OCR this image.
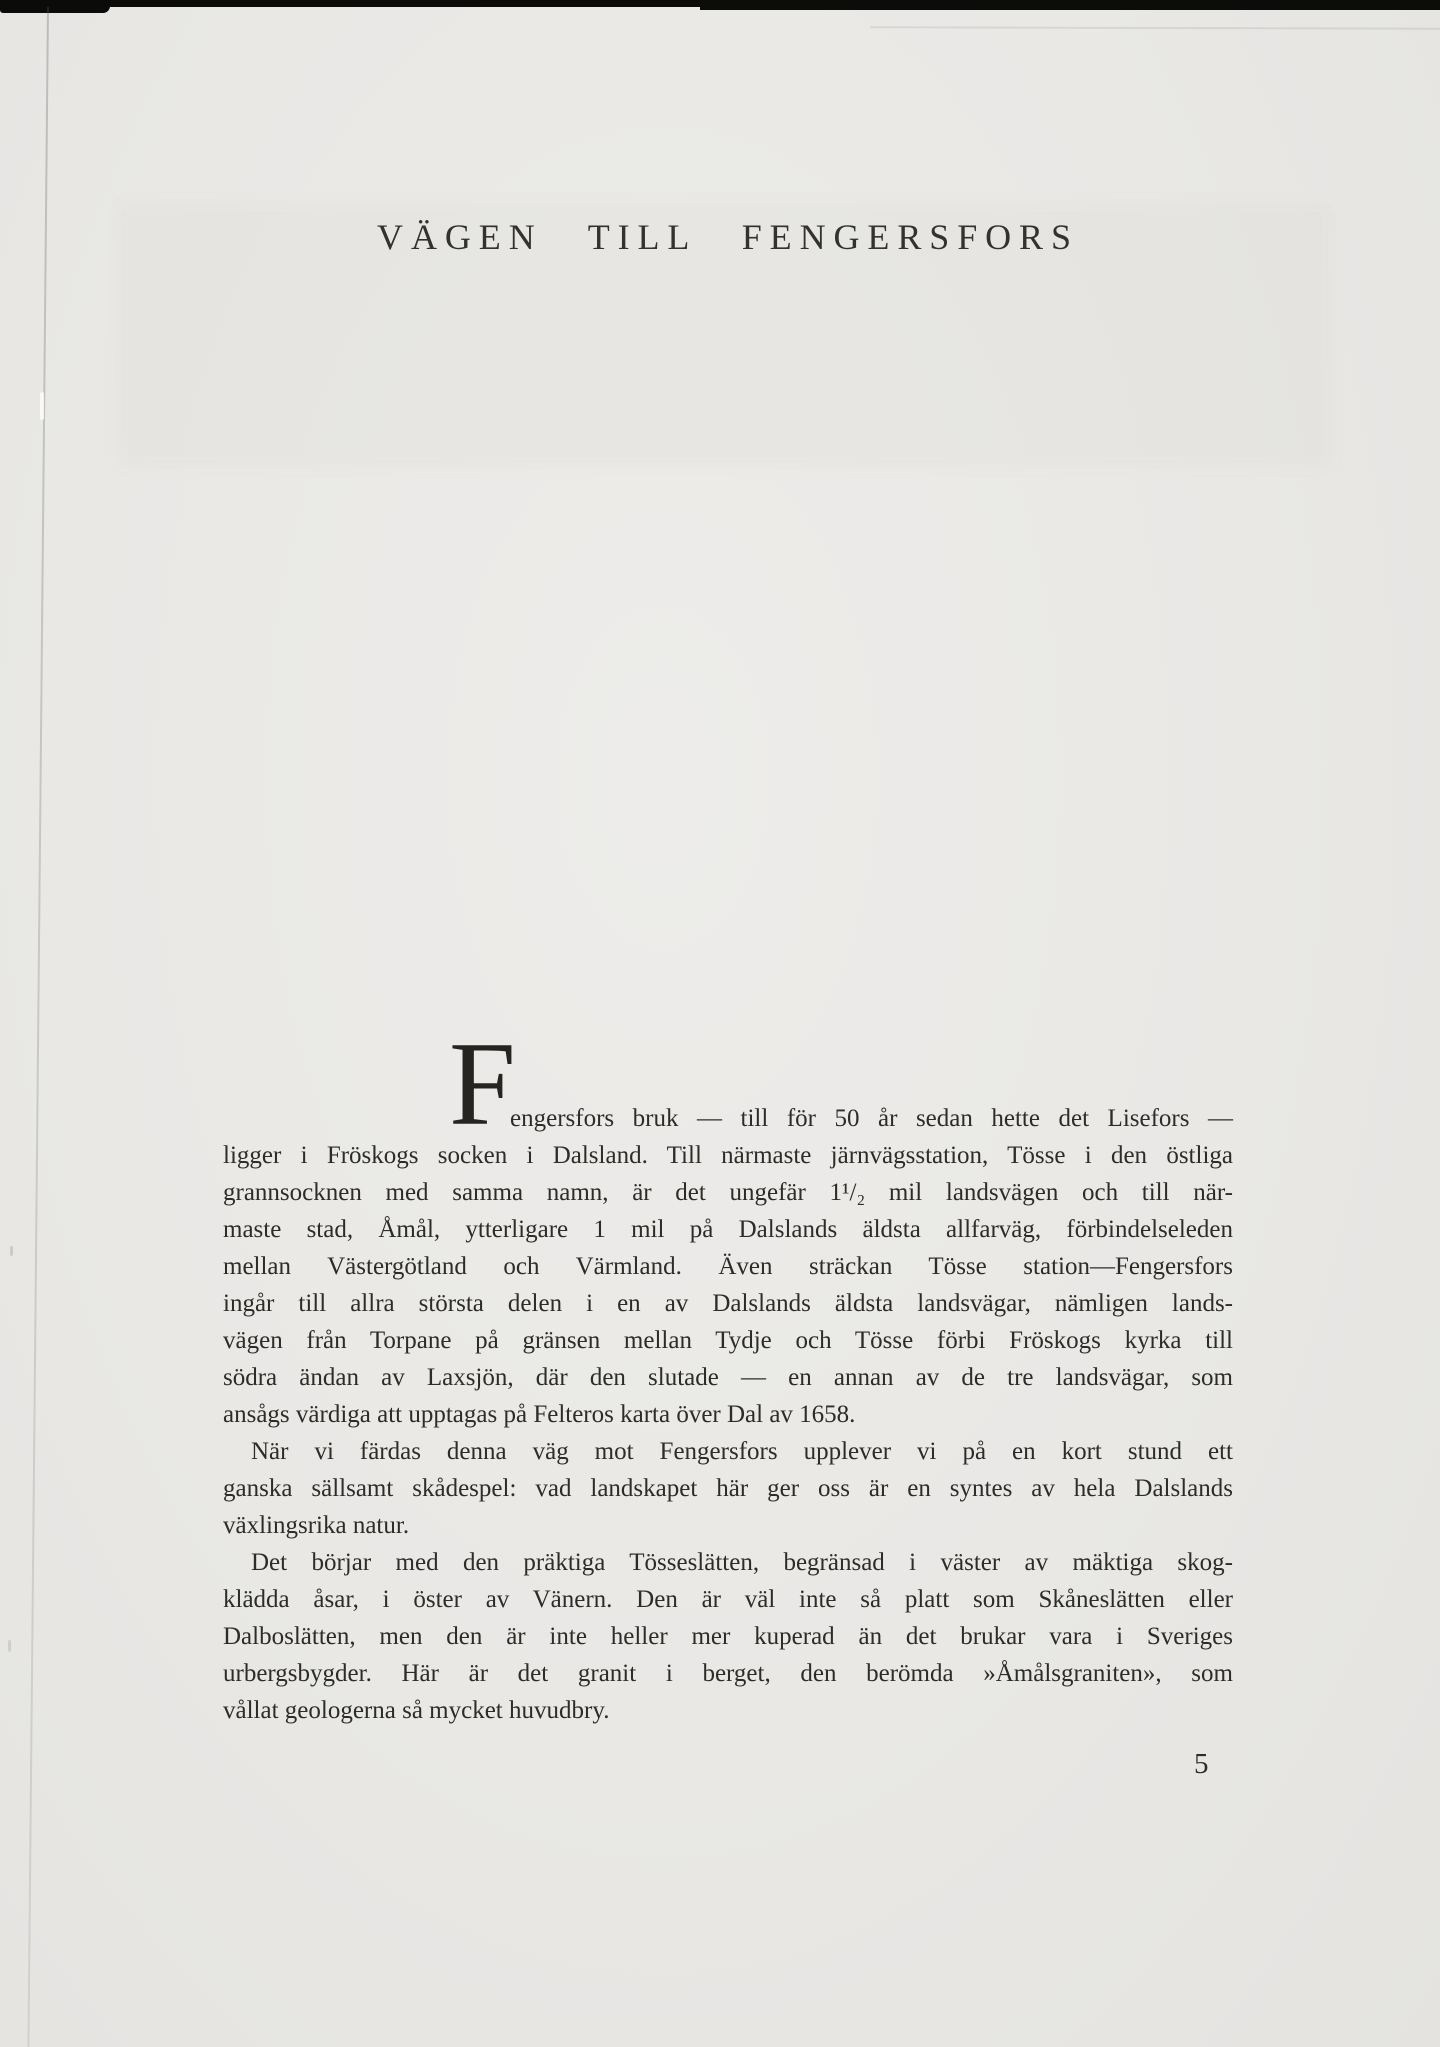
VÄGEN TILL FENGERSFORS
F
engersfors bruk — till för 50 år sedan hette det Lisefors —
ligger i Fröskogs socken i Dalsland. Till närmaste järnvägsstation, Tösse i den östliga
grannsocknen med samma namn, är det ungefär 1¹/₂ mil landsvägen och till när-
maste stad, Åmål, ytterligare 1 mil på Dalslands äldsta allfarväg, förbindelseleden
mellan Västergötland och Värmland. Även sträckan Tösse station—Fengersfors
ingår till allra största delen i en av Dalslands äldsta landsvägar, nämligen lands-
vägen från Torpane på gränsen mellan Tydje och Tösse förbi Fröskogs kyrka till
södra ändan av Laxsjön, där den slutade — en annan av de tre landsvägar, som
ansågs värdiga att upptagas på Felteros karta över Dal av 1658.
När vi färdas denna väg mot Fengersfors upplever vi på en kort stund ett
ganska sällsamt skådespel: vad landskapet här ger oss är en syntes av hela Dalslands
växlingsrika natur.
Det börjar med den präktiga Tösseslätten, begränsad i väster av mäktiga skog-
klädda åsar, i öster av Vänern. Den är väl inte så platt som Skåneslätten eller
Dalboslätten, men den är inte heller mer kuperad än det brukar vara i Sveriges
urbergsbygder. Här är det granit i berget, den berömda »Åmålsgraniten», som
vållat geologerna så mycket huvudbry.
5
